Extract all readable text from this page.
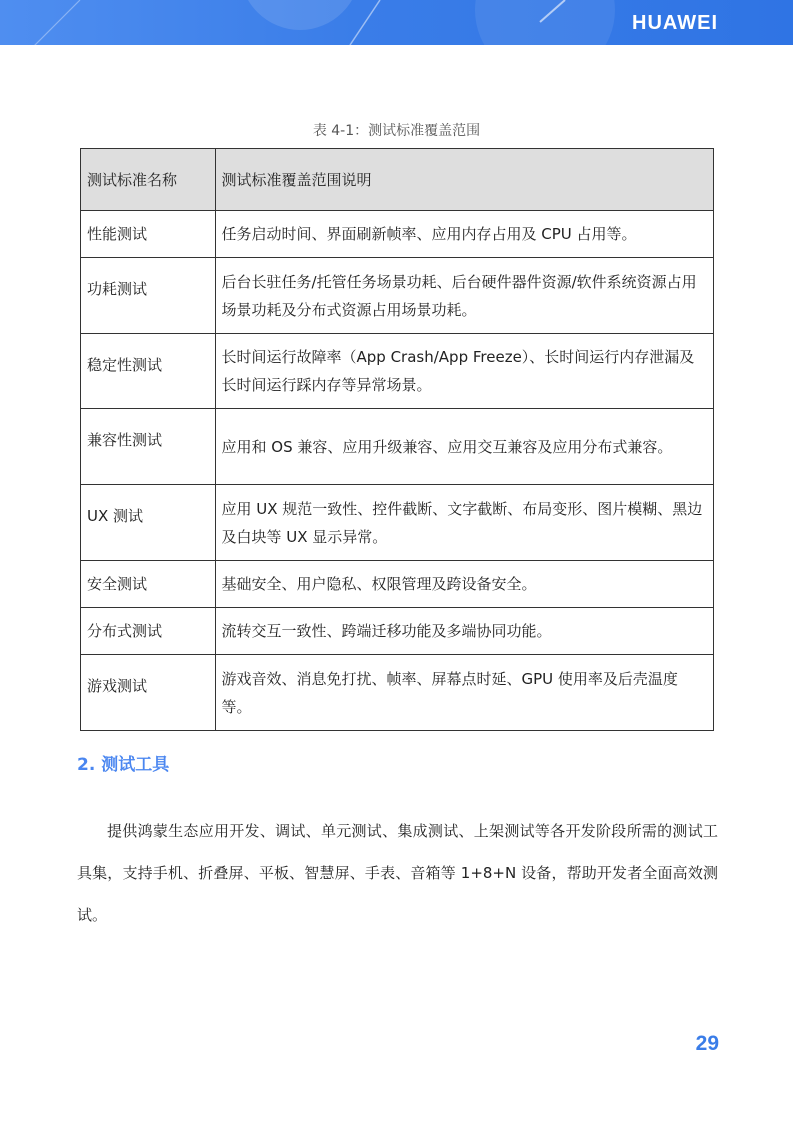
HUAWEI
表 4-1：测试标准覆盖范围
测试标准名称	测试标准覆盖范围说明
性能测试	任务启动时间、界面刷新帧率、应用内存占用及 CPU 占用等。
功耗测试	后台长驻任务/托管任务场景功耗、后台硬件器件资源/软件系统资源占用场景功耗及分布式资源占用场景功耗。
稳定性测试	长时间运行故障率（App Crash/App Freeze）、长时间运行内存泄漏及长时间运行踩内存等异常场景。
兼容性测试	应用和 OS 兼容、应用升级兼容、应用交互兼容及应用分布式兼容。
UX 测试	应用 UX 规范一致性、控件截断、文字截断、布局变形、图片模糊、黑边及白块等 UX 显示异常。
安全测试	基础安全、用户隐私、权限管理及跨设备安全。
分布式测试	流转交互一致性、跨端迁移功能及多端协同功能。
游戏测试	游戏音效、消息免打扰、帧率、屏幕点时延、GPU 使用率及后壳温度等。
2. 测试工具
提供鸿蒙生态应用开发、调试、单元测试、集成测试、上架测试等各开发阶段所需的测试工具集，支持手机、折叠屏、平板、智慧屏、手表、音箱等 1+8+N 设备，帮助开发者全面高效测试。
29
